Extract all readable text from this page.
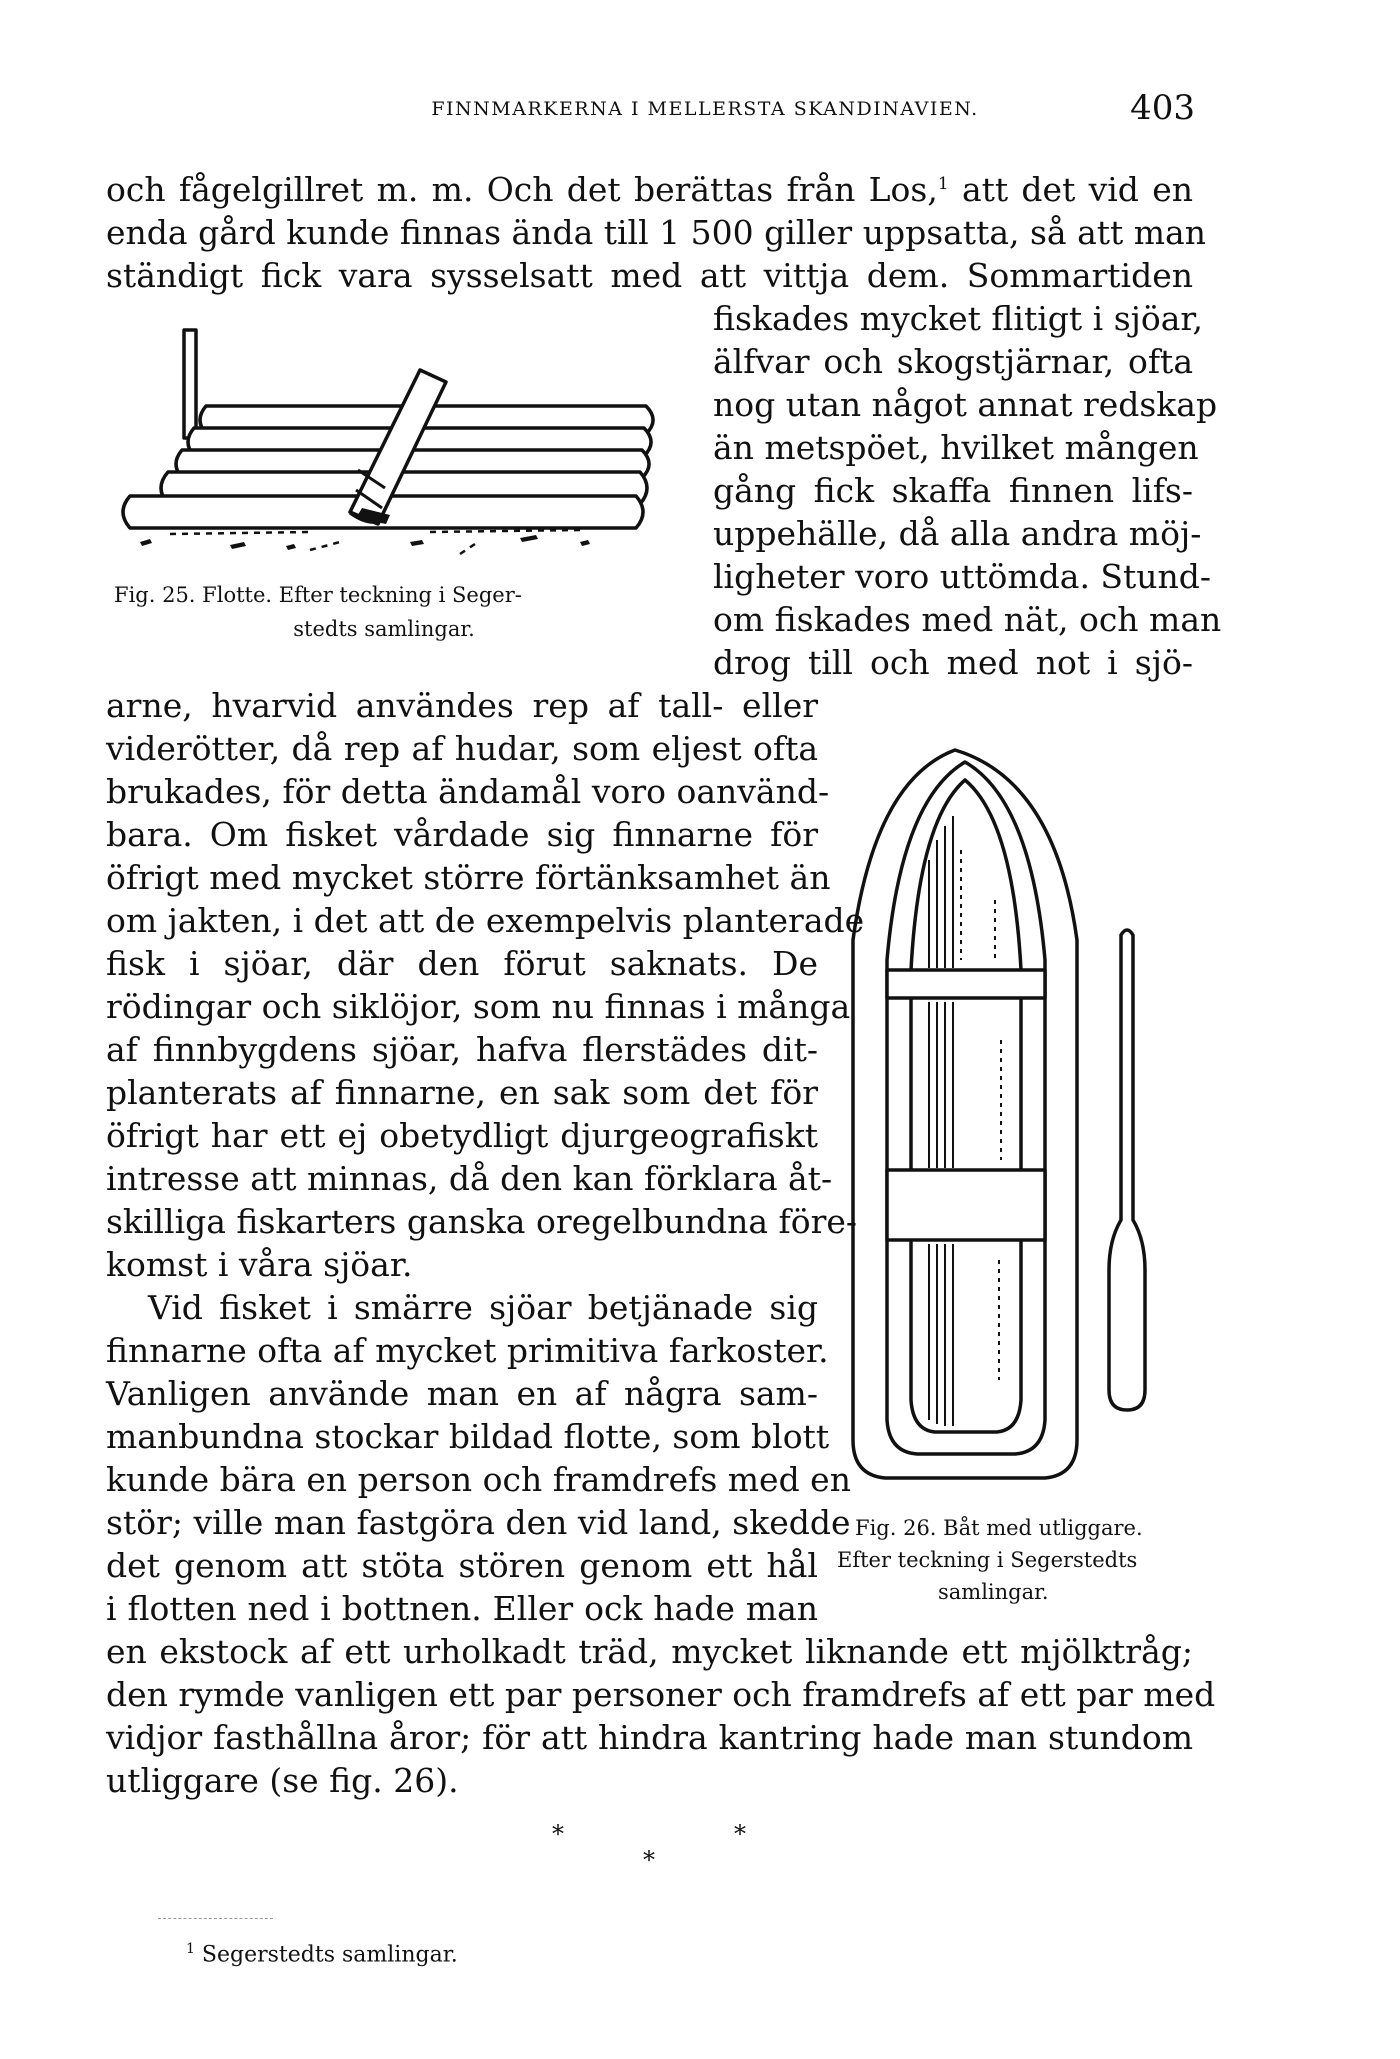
FINNMARKERNA I MELLERSTA SKANDINAVIEN.	403
och fågelgillret m. m. Och det berättas från Los,$^1$ att det vid en
enda gård kunde finnas ända till 1 500 giller uppsatta, så att man
ständigt fick vara sysselsatt med att vittja dem. Sommartiden
fiskades mycket flitigt i sjöar,
älfvar och skogstjärnar, ofta
nog utan något annat redskap
än metspöet, hvilket mången
gång fick skaffa finnen lifs-
uppehälle, då alla andra möj-
ligheter voro uttömda. Stund-
om fiskades med nät, och man
drog till och med not i sjö-
Fig. 25. Flotte. Efter teckning i Seger-
stedts samlingar.
arne, hvarvid användes rep af tall- eller
viderötter, då rep af hudar, som eljest ofta
brukades, för detta ändamål voro oanvänd-
bara. Om fisket vårdade sig finnarne för
öfrigt med mycket större förtänksamhet än
om jakten, i det att de exempelvis planterade
fisk i sjöar, där den förut saknats. De
rödingar och siklöjor, som nu finnas i många
af finnbygdens sjöar, hafva flerstädes dit-
planterats af finnarne, en sak som det för
öfrigt har ett ej obetydligt djurgeografiskt
intresse att minnas, då den kan förklara åt-
skilliga fiskarters ganska oregelbundna före-
komst i våra sjöar.
Vid fisket i smärre sjöar betjänade sig
finnarne ofta af mycket primitiva farkoster.
Vanligen använde man en af några sam-
manbundna stockar bildad flotte, som blott
kunde bära en person och framdrefs med en
stör; ville man fastgöra den vid land, skedde
det genom att stöta stören genom ett hål
i flotten ned i bottnen. Eller ock hade man
Fig. 26. Båt med utliggare.
Efter teckning i Segerstedts
samlingar.
en ekstock af ett urholkadt träd, mycket liknande ett mjölktråg;
den rymde vanligen ett par personer och framdrefs af ett par med
vidjor fasthållna åror; för att hindra kantring hade man stundom
utliggare (se fig. 26).
*	*
*
$^1$ Segerstedts samlingar.
